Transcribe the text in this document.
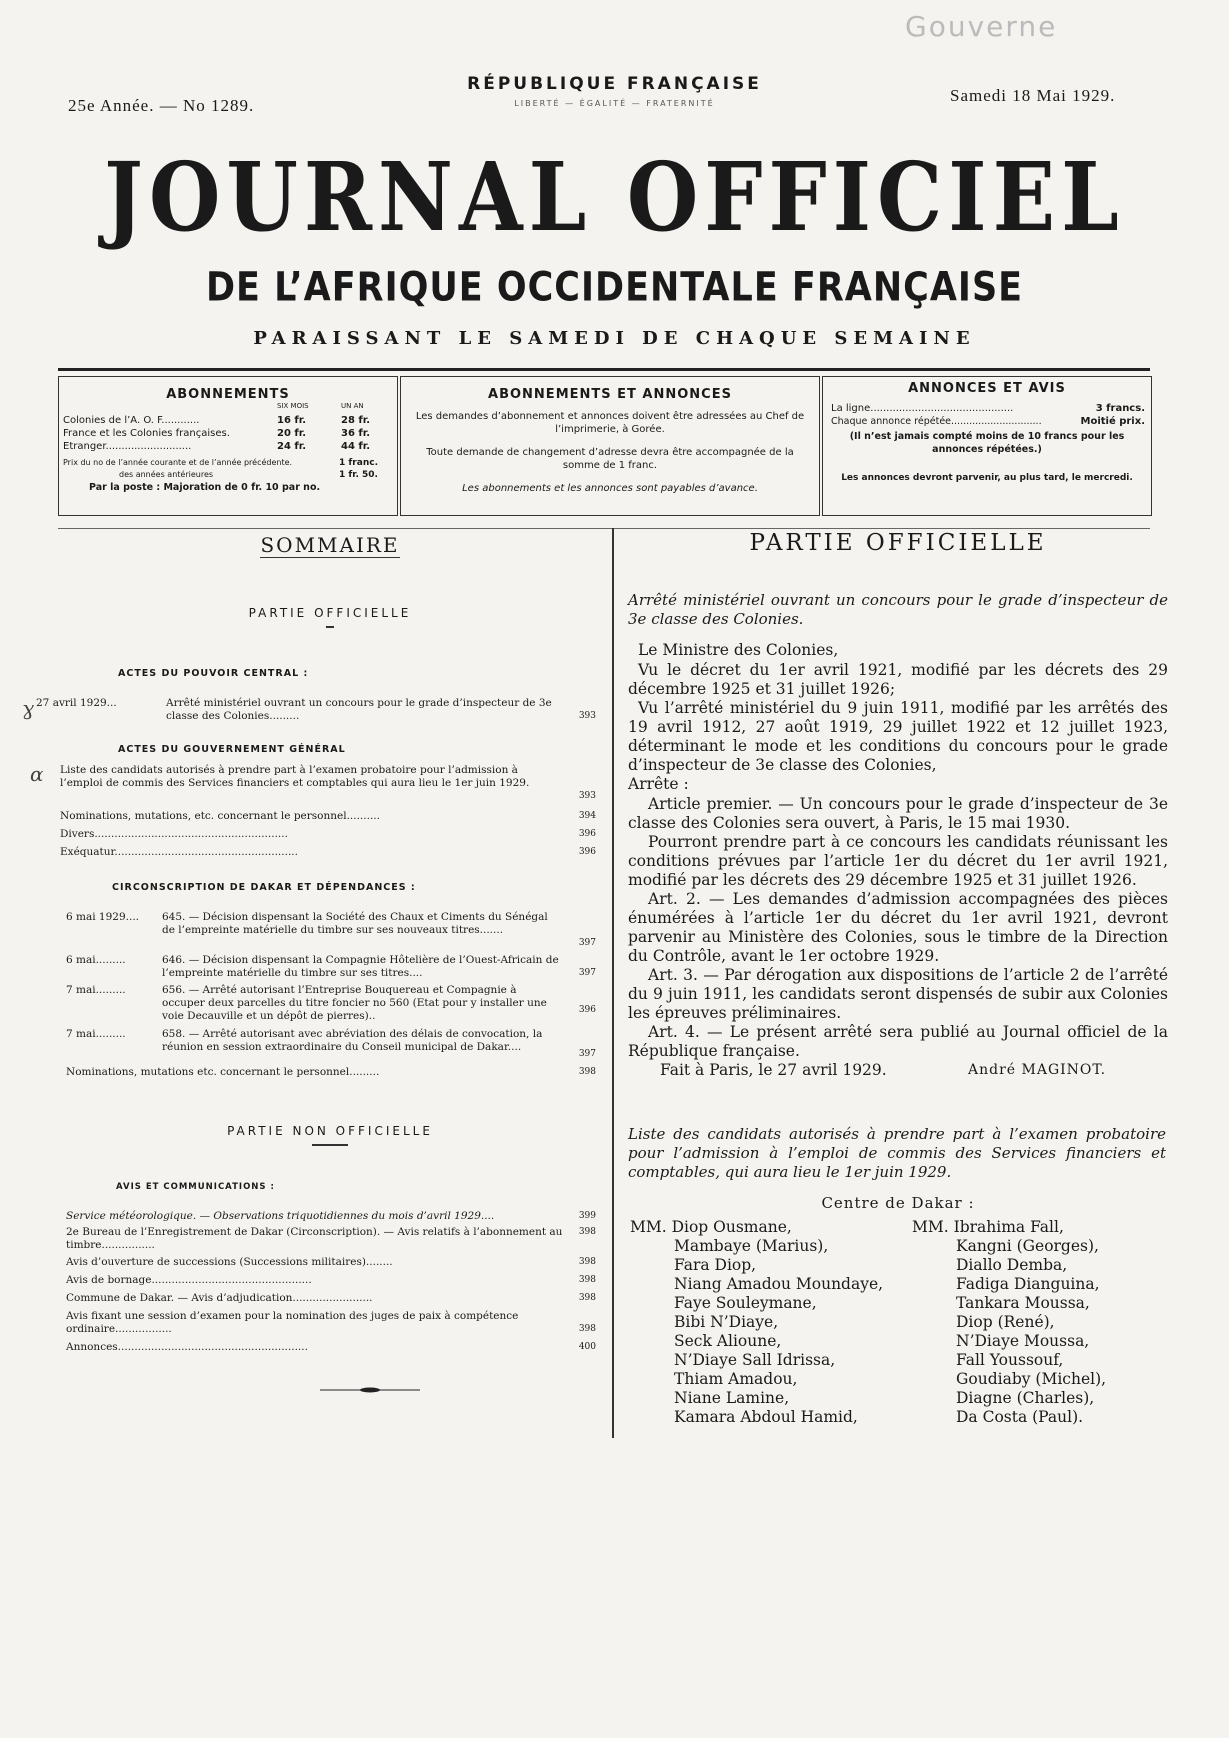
Gouverne
RÉPUBLIQUE FRANÇAISE
LIBERTÉ — ÉGALITÉ — FRATERNITÉ
25e Année. — No 1289.
Samedi 18 Mai 1929.
JOURNAL OFFICIEL
DE L’AFRIQUE OCCIDENTALE FRANÇAISE
PARAISSANT LE SAMEDI DE CHAQUE SEMAINE
ABONNEMENTS
SIX MOIS	UN AN
Colonies de l’A. O. F............	16 fr.	28 fr.
France et les Colonies françaises.	20 fr.	36 fr.
Etranger...........................	24 fr.	44 fr.
Prix du no de l’année courante et de l’année précédente.	1 franc.
des années antérieures	1 fr. 50.
Par la poste : Majoration de 0 fr. 10 par no.
ABONNEMENTS ET ANNONCES
Les demandes d’abonnement et annonces doivent être adressées au Chef de l’imprimerie, à Gorée.
Toute demande de changement d’adresse devra être accompagnée de la somme de 1 franc.
Les abonnements et les annonces sont payables d’avance.
ANNONCES ET AVIS
La ligne.............................................	3 francs.
Chaque annonce répétée..............................	Moitié prix.
(Il n’est jamais compté moins de 10 francs pour les annonces répétées.)
Les annonces devront parvenir, au plus tard, le mercredi.
SOMMAIRE
PARTIE OFFICIELLE
ACTES DU POUVOIR CENTRAL :
ɣ 27 avril 1929...	Arrêté ministériel ouvrant un concours pour le grade d’inspecteur de 3e classe des Colonies.........	393
ACTES DU GOUVERNEMENT GÉNÉRAL
ɑ Liste des candidats autorisés à prendre part à l’examen probatoire pour l’admission à l’emploi de commis des Services financiers et comptables qui aura lieu le 1er juin 1929.
393
Nominations, mutations, etc. concernant le personnel..........	394
Divers..........................................................	396
Exéquatur.......................................................	396
CIRCONSCRIPTION DE DAKAR ET DÉPENDANCES :
6 mai 1929....	645. — Décision dispensant la Société des Chaux et Ciments du Sénégal de l’empreinte matérielle du timbre sur ses nouveaux titres.......
397
6 mai.........	646. — Décision dispensant la Compagnie Hôtelière de l’Ouest-Africain de l’empreinte matérielle du timbre sur ses titres....	397
7 mai.........	656. — Arrêté autorisant l’Entreprise Bouquereau et Compagnie à occuper deux parcelles du titre foncier no 560 (Etat pour y installer une voie Decauville et un dépôt de pierres)..	396
7 mai.........	658. — Arrêté autorisant avec abréviation des délais de convocation, la réunion en session extraordinaire du Conseil municipal de Dakar....
397
Nominations, mutations etc. concernant le personnel.........	398
PARTIE NON OFFICIELLE
AVIS ET COMMUNICATIONS :
Service météorologique. — Observations triquotidiennes du mois d’avril 1929....	399
2e Bureau de l’Enregistrement de Dakar (Circonscription). — Avis relatifs à l’abonnement au timbre................
398
Avis d’ouverture de successions (Successions militaires)........	398
Avis de bornage................................................	398
Commune de Dakar. — Avis d’adjudication........................	398
Avis fixant une session d’examen pour la nomination des juges de paix à compétence ordinaire.................	398
Annonces.........................................................	400
PARTIE OFFICIELLE
Arrêté ministériel ouvrant un concours pour le grade d’inspecteur de 3e classe des Colonies.
Le Ministre des Colonies,
Vu le décret du 1er avril 1921, modifié par les décrets des 29 décembre 1925 et 31 juillet 1926;
Vu l’arrêté ministériel du 9 juin 1911, modifié par les arrêtés des 19 avril 1912, 27 août 1919, 29 juillet 1922 et 12 juillet 1923, déterminant le mode et les conditions du concours pour le grade d’inspecteur de 3e classe des Colonies,
Arrête :
Article premier. — Un concours pour le grade d’inspecteur de 3e classe des Colonies sera ouvert, à Paris, le 15 mai 1930.
Pourront prendre part à ce concours les candidats réunissant les conditions prévues par l’article 1er du décret du 1er avril 1921, modifié par les décrets des 29 décembre 1925 et 31 juillet 1926.
Art. 2. — Les demandes d’admission accompagnées des pièces énumérées à l’article 1er du décret du 1er avril 1921, devront parvenir au Ministère des Colonies, sous le timbre de la Direction du Contrôle, avant le 1er octobre 1929.
Art. 3. — Par dérogation aux dispositions de l’article 2 de l’arrêté du 9 juin 1911, les candidats seront dispensés de subir aux Colonies les épreuves préliminaires.
Art. 4. — Le présent arrêté sera publié au Journal officiel de la République française.
Fait à Paris, le 27 avril 1929.	André MAGINOT.
Liste des candidats autorisés à prendre part à l’examen probatoire pour l’admission à l’emploi de commis des Services financiers et comptables, qui aura lieu le 1er juin 1929.
Centre de Dakar :
MM. Diop Ousmane,
Mambaye (Marius),
Fara Diop,
Niang Amadou Moundaye,
Faye Souleymane,
Bibi N’Diaye,
Seck Alioune,
N’Diaye Sall Idrissa,
Thiam Amadou,
Niane Lamine,
Kamara Abdoul Hamid,
MM. Ibrahima Fall,
Kangni (Georges),
Diallo Demba,
Fadiga Dianguina,
Tankara Moussa,
Diop (René),
N’Diaye Moussa,
Fall Youssouf,
Goudiaby (Michel),
Diagne (Charles),
Da Costa (Paul).
